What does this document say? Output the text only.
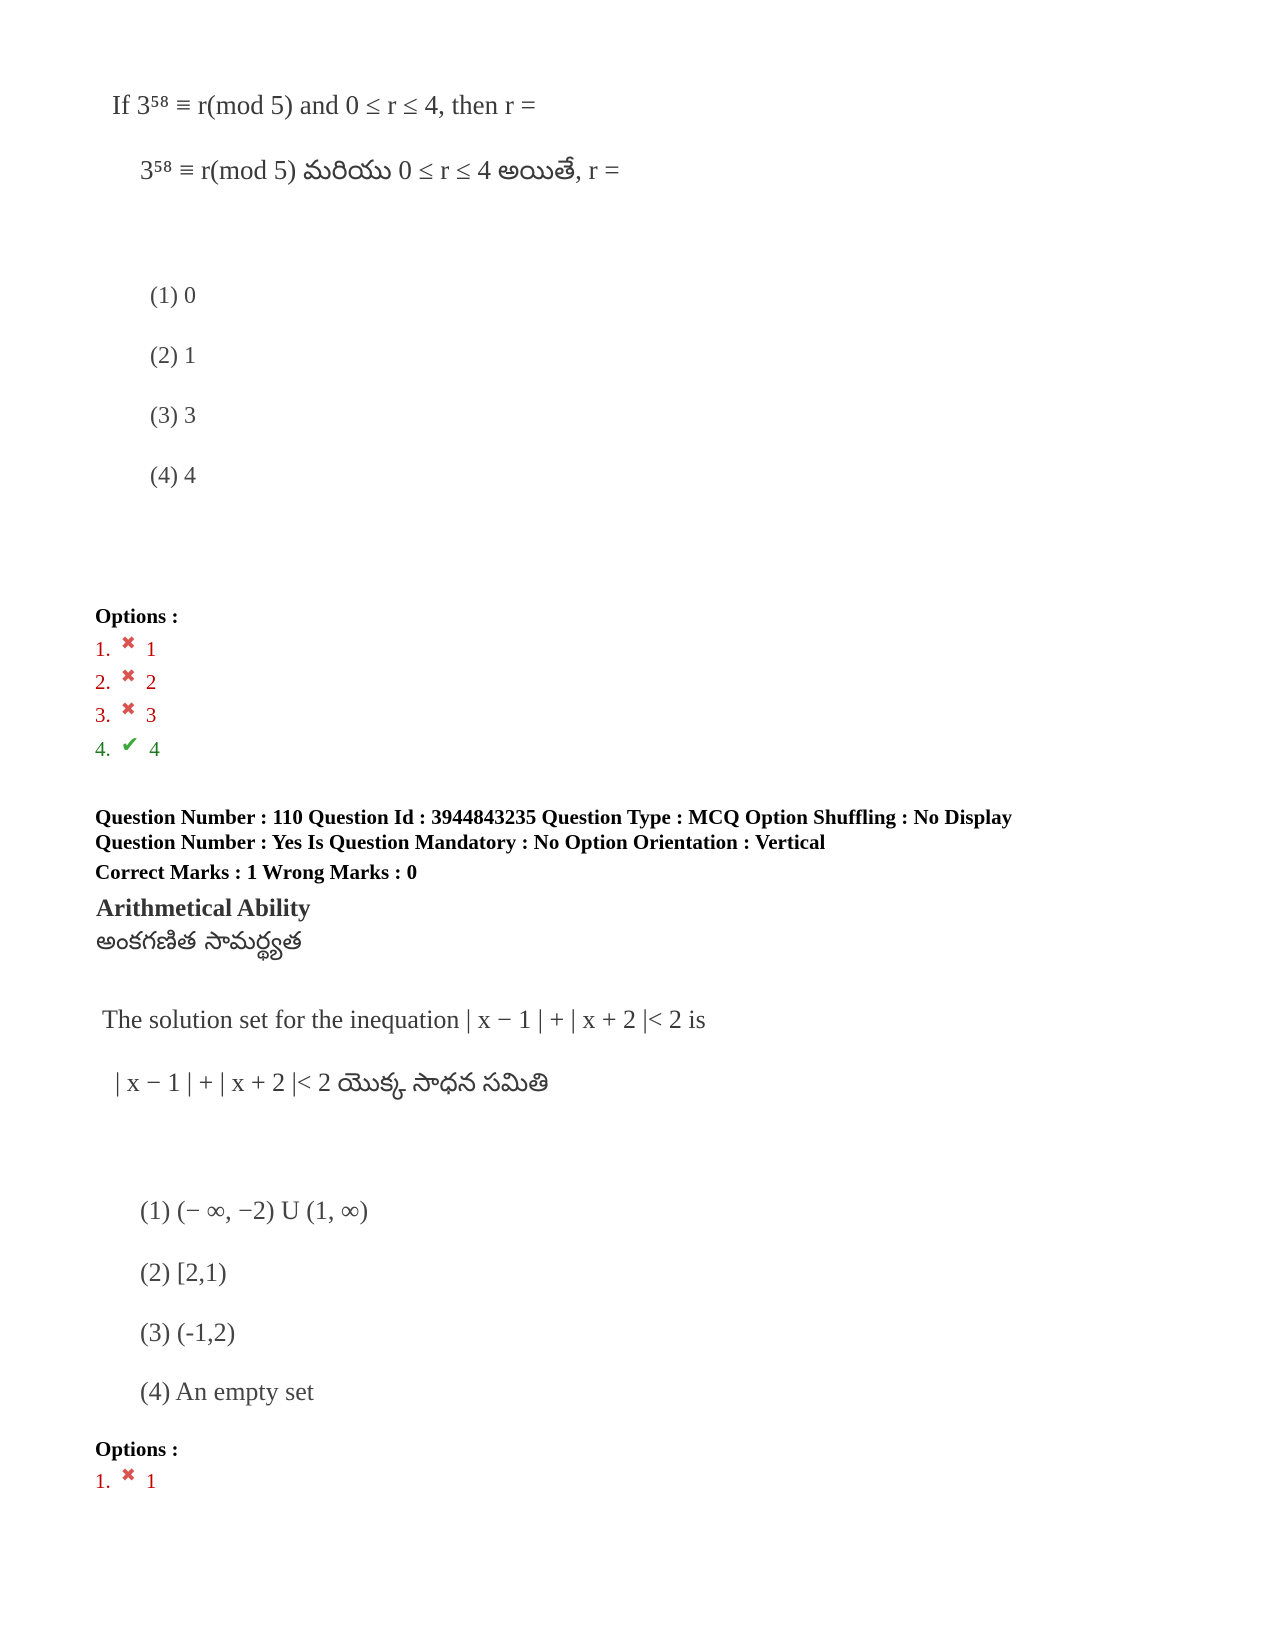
If 3⁵⁸ ≡ r(mod 5) and 0 ≤ r ≤ 4, then r =
3⁵⁸ ≡ r(mod 5) మరియు 0 ≤ r ≤ 4 అయితే, r =
(1) 0
(2) 1
(3) 3
(4) 4
Options :
1. ✖ 1
2. ✖ 2
3. ✖ 3
4. ✔ 4
Question Number : 110 Question Id : 3944843235 Question Type : MCQ Option Shuffling : No Display
Question Number : Yes Is Question Mandatory : No Option Orientation : Vertical
Correct Marks : 1 Wrong Marks : 0
Arithmetical Ability
అంకగణిత సామర్థ్యత
The solution set for the inequation | x − 1 | + | x + 2 |< 2 is
| x − 1 | + | x + 2 |< 2 యొక్క సాధన సమితి
(1) (− ∞, −2) U (1, ∞)
(2) [2,1)
(3) (-1,2)
(4) An empty set
Options :
1. ✖ 1
